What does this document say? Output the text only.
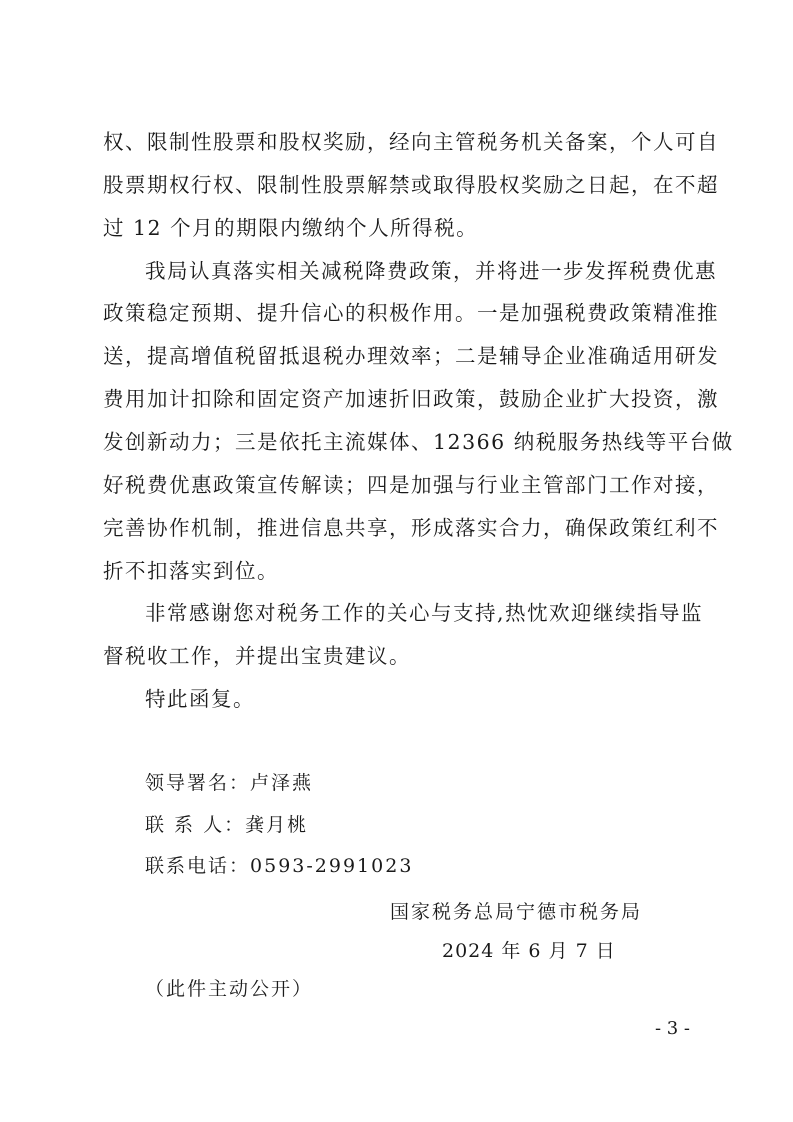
权、限制性股票和股权奖励，经向主管税务机关备案，个人可自
股票期权行权、限制性股票解禁或取得股权奖励之日起，在不超
过 12 个月的期限内缴纳个人所得税。
我局认真落实相关减税降费政策，并将进一步发挥税费优惠
政策稳定预期、提升信心的积极作用。一是加强税费政策精准推
送，提高增值税留抵退税办理效率；二是辅导企业准确适用研发
费用加计扣除和固定资产加速折旧政策，鼓励企业扩大投资，激
发创新动力；三是依托主流媒体、12366 纳税服务热线等平台做
好税费优惠政策宣传解读；四是加强与行业主管部门工作对接，
完善协作机制，推进信息共享，形成落实合力，确保政策红利不
折不扣落实到位。
非常感谢您对税务工作的关心与支持,热忱欢迎继续指导监
督税收工作，并提出宝贵建议。
特此函复。
领导署名：卢泽燕
联 系 人：龚月桃
联系电话：0593-2991023
国家税务总局宁德市税务局
2024 年 6 月 7 日
（此件主动公开）
- 3 -
